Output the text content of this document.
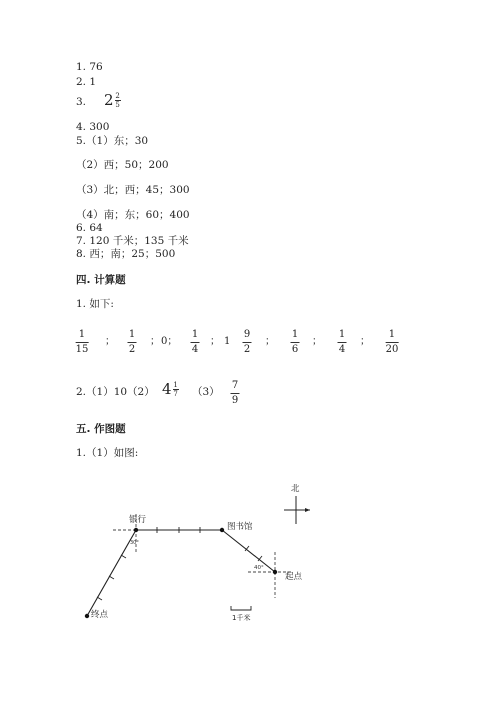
1. 76
2. 1
3. 2 2
5
4. 300
5.（1）东；30
（2）西；50；200
（3）北；西；45；300
（4）南；东；60；400
6. 64
7. 120 千米；135 千米
8. 西；南；25；500
四. 计算题
1. 如下:
1
15
；
1
2
； 0；
1
4
； 1
9
2
；
1
6
；
1
4
；
1
20
2.（1）10（2） 4 1
7 （3）
7
9
五. 作图题
1.（1）如图:
北
银行
图书馆
起点
终点
40°
30°
1千米
